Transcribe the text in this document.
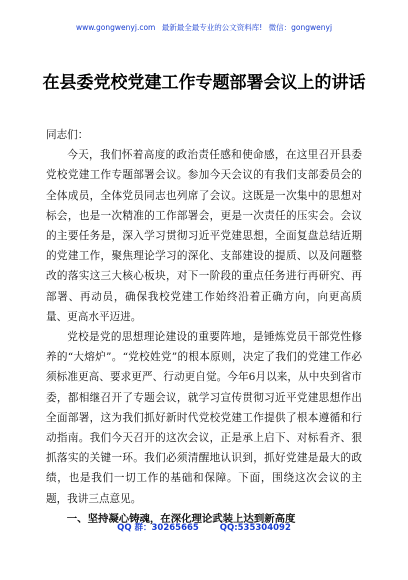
www.gongwenyj.com 最新最全最专业的公文资料库! 微信：gongwenyj
在县委党校党建工作专题部署会议上的讲话

同志们：

今天，我们怀着高度的政治责任感和使命感，在这里召开县委党校党建工作专题部署会议。参加今天会议的有我们支部委员会的全体成员，全体党员同志也列席了会议。这既是一次集中的思想对标会，也是一次精准的工作部署会，更是一次责任的压实会。会议的主要任务是，深入学习贯彻习近平党建思想，全面复盘总结近期的党建工作，聚焦理论学习的深化、支部建设的提质、以及问题整改的落实这三大核心板块，对下一阶段的重点任务进行再研究、再部署、再动员，确保我校党建工作始终沿着正确方向，向更高质量、更高水平迈进。

党校是党的思想理论建设的重要阵地，是锤炼党员干部党性修养的“大熔炉”。“党校姓党”的根本原则，决定了我们的党建工作必须标准更高、要求更严、行动更自觉。今年6月以来，从中央到省市委，都相继召开了专题会议，就学习宣传贯彻习近平党建思想作出全面部署，这为我们抓好新时代党校党建工作提供了根本遵循和行动指南。我们今天召开的这次会议，正是承上启下、对标看齐、狠抓落实的关键一环。我们必须清醒地认识到，抓好党建是最大的政绩，也是我们一切工作的基础和保障。下面，围绕这次会议的主题，我讲三点意见。

一、坚持凝心铸魂，在深化理论武装上达到新高度

QQ 群：30265665 QQ:535304092
